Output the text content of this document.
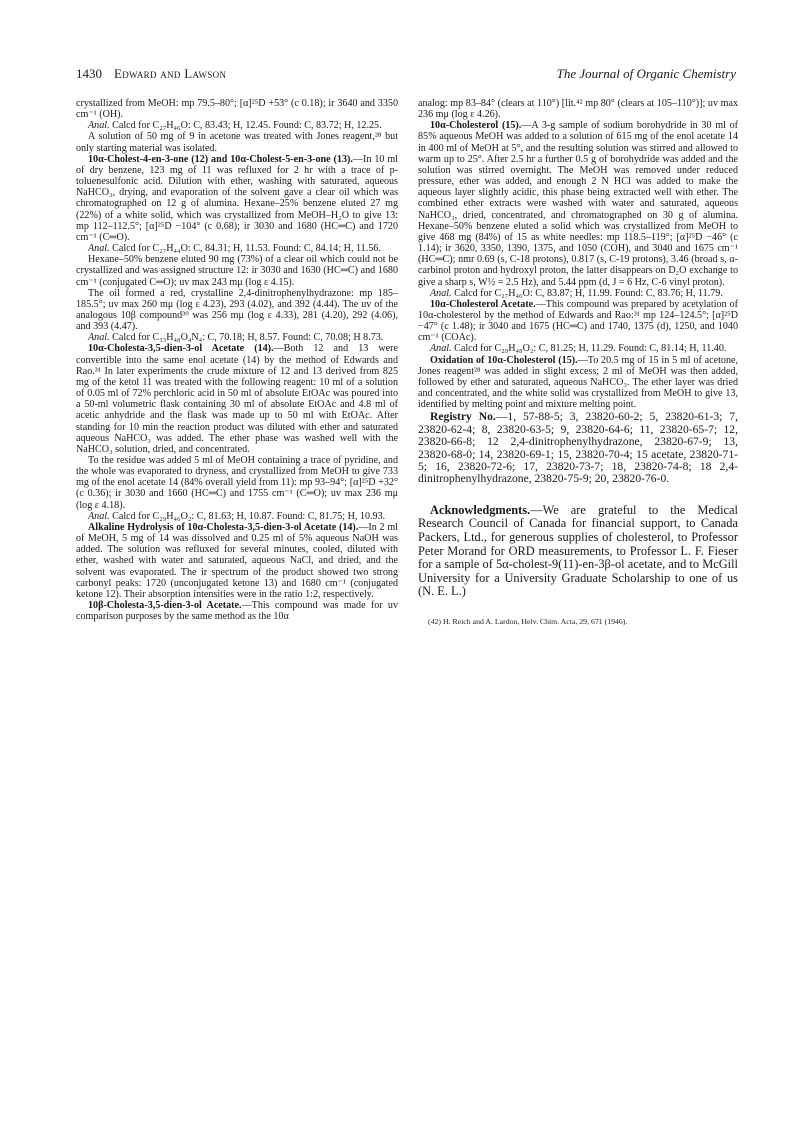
1430 Edward and Lawson	The Journal of Organic Chemistry

crystallized from MeOH: mp 79.5–80°; [α]²⁵D +53° (c 0.18); ir 3640 and 3350 cm⁻¹ (OH).

Anal. Calcd for C₂₇H₄₆O: C, 83.43; H, 12.45. Found: C, 83.72; H, 12.25.

A solution of 50 mg of 9 in acetone was treated with Jones reagent,²⁸ but only starting material was isolated.

10α-Cholest-4-en-3-one (12) and 10α-Cholest-5-en-3-one (13).—In 10 ml of dry benzene, 123 mg of 11 was refluxed for 2 hr with a trace of p-toluenesulfonic acid. Dilution with ether, washing with saturated, aqueous NaHCO₃, drying, and evaporation of the solvent gave a clear oil which was chromatographed on 12 g of alumina. Hexane–25% benzene eluted 27 mg (22%) of a white solid, which was crystallized from MeOH–H₂O to give 13: mp 112–112.5°; [α]²⁵D −104° (c 0.68); ir 3030 and 1680 (HC═C) and 1720 cm⁻¹ (C═O).

Anal. Calcd for C₂₇H₄₄O: C, 84.31; H, 11.53. Found: C, 84.14; H, 11.56.

Hexane–50% benzene eluted 90 mg (73%) of a clear oil which could not be crystallized and was assigned structure 12: ir 3030 and 1630 (HC═C) and 1680 cm⁻¹ (conjugated C═O); uv max 243 mμ (log ε 4.15).

The oil formed a red, crystalline 2,4-dinitrophenylhydrazone: mp 185–185.5°; uv max 260 mμ (log ε 4.23), 293 (4.02), and 392 (4.44). The uv of the analogous 10β compound³⁹ was 256 mμ (log ε 4.33), 281 (4.20), 292 (4.06), and 393 (4.47).

Anal. Calcd for C₃₃H₄₈O₄N₄: C, 70.18; H, 8.57. Found: C, 70.08; H 8.73.

10α-Cholesta-3,5-dien-3-ol Acetate (14).—Both 12 and 13 were convertible into the same enol acetate (14) by the method of Edwards and Rao.³¹ In later experiments the crude mixture of 12 and 13 derived from 825 mg of the ketol 11 was treated with the following reagent: 10 ml of a solution of 0.05 ml of 72% perchloric acid in 50 ml of absolute EtOAc was poured into a 50-ml volumetric flask containing 30 ml of absolute EtOAc and 4.8 ml of acetic anhydride and the flask was made up to 50 ml with EtOAc. After standing for 10 min the reaction product was diluted with ether and saturated aqueous NaHCO₃ was added. The ether phase was washed well with the NaHCO₃ solution, dried, and concentrated.

To the residue was added 5 ml of MeOH containing a trace of pyridine, and the whole was evaporated to dryness, and crystallized from MeOH to give 733 mg of the enol acetate 14 (84% overall yield from 11): mp 93–94°; [α]²⁵D +32° (c 0.36); ir 3030 and 1660 (HC═C) and 1755 cm⁻¹ (C═O); uv max 236 mμ (log ε 4.18).

Anal. Calcd for C₂₉H₄₆O₂: C, 81.63; H, 10.87. Found: C, 81.75; H, 10.93.

Alkaline Hydrolysis of 10α-Cholesta-3,5-dien-3-ol Acetate (14).—In 2 ml of MeOH, 5 mg of 14 was dissolved and 0.25 ml of 5% aqueous NaOH was added. The solution was refluxed for several minutes, cooled, diluted with ether, washed with water and saturated, aqueous NaCl, and dried, and the solvent was evaporated. The ir spectrum of the product showed two strong carbonyl peaks: 1720 (unconjugated ketone 13) and 1680 cm⁻¹ (conjugated ketone 12). Their absorption intensities were in the ratio 1:2, respectively.

10β-Cholesta-3,5-dien-3-ol Acetate.—This compound was made for uv comparison purposes by the same method as the 10α

analog: mp 83–84° (clears at 110°) [lit.⁴² mp 80° (clears at 105–110°)]; uv max 236 mμ (log ε 4.26).

10α-Cholesterol (15).—A 3-g sample of sodium borohydride in 30 ml of 85% aqueous MeOH was added to a solution of 615 mg of the enol acetate 14 in 400 ml of MeOH at 5°, and the resulting solution was stirred and allowed to warm up to 25°. After 2.5 hr a further 0.5 g of borohydride was added and the solution was stirred overnight. The MeOH was removed under reduced pressure, ether was added, and enough 2 N HCl was added to make the aqueous layer slightly acidic, this phase being extracted well with ether. The combined ether extracts were washed with water and saturated, aqueous NaHCO₃, dried, concentrated, and chromatographed on 30 g of alumina. Hexane–50% benzene eluted a solid which was crystallized from MeOH to give 468 mg (84%) of 15 as white needles: mp 118.5–119°; [α]²⁵D −46° (c 1.14); ir 3620, 3350, 1390, 1375, and 1050 (COH), and 3040 and 1675 cm⁻¹ (HC═C); nmr 0.69 (s, C-18 protons), 0.817 (s, C-19 protons), 3.46 (broad s, α-carbinol proton and hydroxyl proton, the latter disappears on D₂O exchange to give a sharp s, W½ = 2.5 Hz), and 5.44 ppm (d, J = 6 Hz, C-6 vinyl proton).

Anal. Calcd for C₂₇H₄₆O: C, 83.87; H, 11.99. Found: C, 83.76; H, 11.79.

10α-Cholesterol Acetate.—This compound was prepared by acetylation of 10α-cholesterol by the method of Edwards and Rao:³¹ mp 124–124.5°; [α]²⁵D −47° (c 1.48); ir 3040 and 1675 (HC═C) and 1740, 1375 (d), 1250, and 1040 cm⁻¹ (COAc).

Anal. Calcd for C₂₉H₄₈O₂: C, 81.25; H, 11.29. Found: C, 81.14; H, 11.40.

Oxidation of 10α-Cholesterol (15).—To 20.5 mg of 15 in 5 ml of acetone, Jones reagent²⁸ was added in slight excess; 2 ml of MeOH was then added, followed by ether and saturated, aqueous NaHCO₃. The ether layer was dried and concentrated, and the white solid was crystallized from MeOH to give 13, identified by melting point and mixture melting point.

Registry No.—1, 57-88-5; 3, 23820-60-2; 5, 23820-61-3; 7, 23820-62-4; 8, 23820-63-5; 9, 23820-64-6; 11, 23820-65-7; 12, 23820-66-8; 12 2,4-dinitrophenylhydrazone, 23820-67-9; 13, 23820-68-0; 14, 23820-69-1; 15, 23820-70-4; 15 acetate, 23820-71-5; 16, 23820-72-6; 17, 23820-73-7; 18, 23820-74-8; 18 2,4-dinitrophenylhydrazone, 23820-75-9; 20, 23820-76-0.

Acknowledgments.—We are grateful to the Medical Research Council of Canada for financial support, to Canada Packers, Ltd., for generous supplies of cholesterol, to Professor Peter Morand for ORD measurements, to Professor L. F. Fieser for a sample of 5α-cholest-9(11)-en-3β-ol acetate, and to McGill University for a University Graduate Scholarship to one of us (N. E. L.)

(42) H. Reich and A. Lardon, Helv. Chim. Acta, 29, 671 (1946).
